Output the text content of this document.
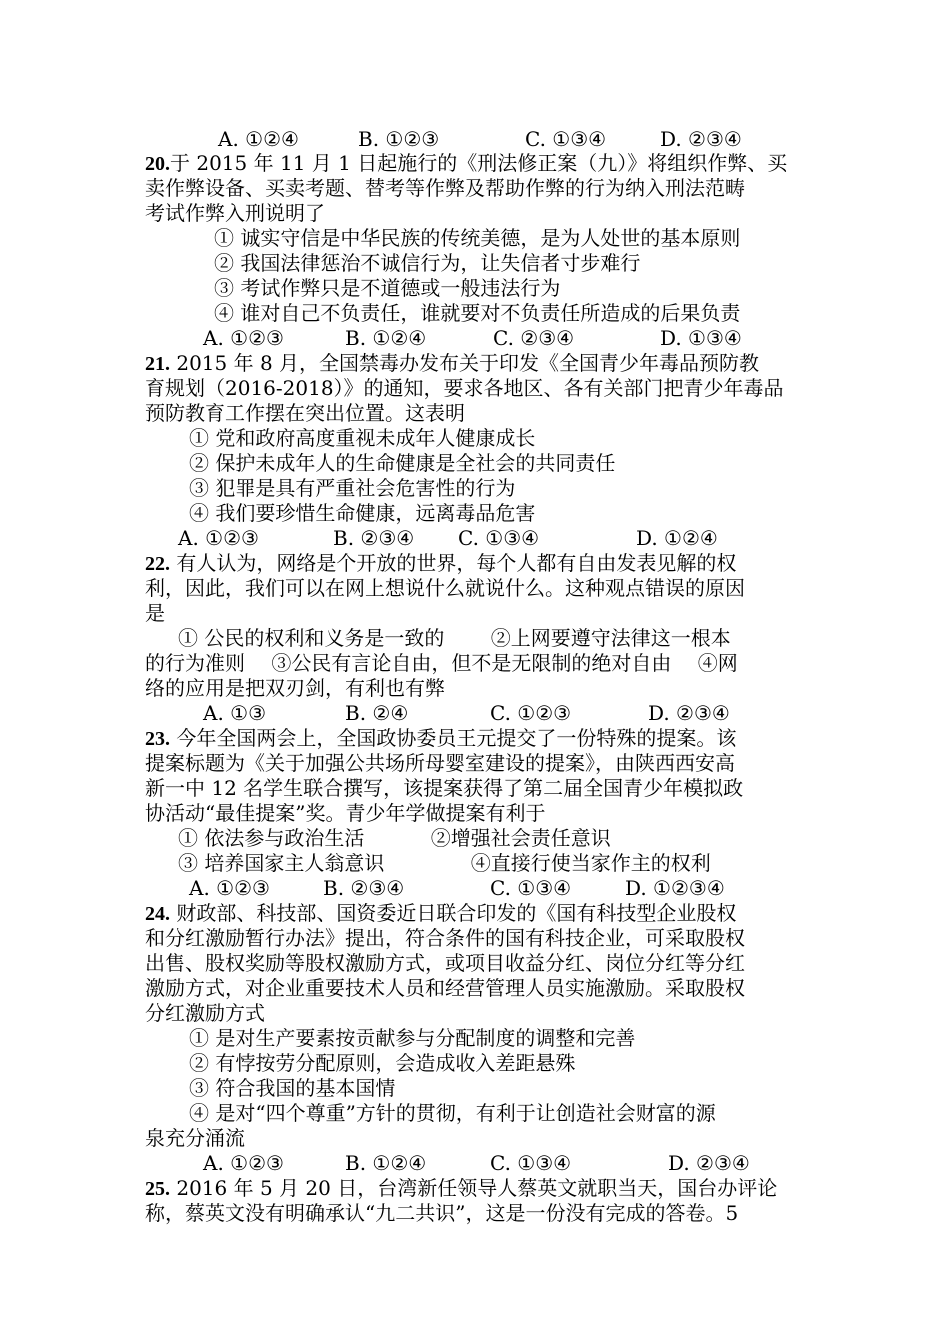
A. ①②④	B. ①②③	C. ①③④	D. ②③④
20.于 2015 年 11 月 1 日起施行的《刑法修正案（九）》将组织作弊、买
卖作弊设备、买卖考题、替考等作弊及帮助作弊的行为纳入刑法范畴
考试作弊入刑说明了
① 诚实守信是中华民族的传统美德，是为人处世的基本原则
② 我国法律惩治不诚信行为，让失信者寸步难行
③ 考试作弊只是不道德或一般违法行为
④ 谁对自己不负责任，谁就要对不负责任所造成的后果负责
A. ①②③	B. ①②④	C. ②③④	D. ①③④
21. 2015 年 8 月，全国禁毒办发布关于印发《全国青少年毒品预防教
育规划（2016-2018）》的通知，要求各地区、各有关部门把青少年毒品
预防教育工作摆在突出位置。这表明
① 党和政府高度重视未成年人健康成长
② 保护未成年人的生命健康是全社会的共同责任
③ 犯罪是具有严重社会危害性的行为
④ 我们要珍惜生命健康，远离毒品危害
A. ①②③	B. ②③④ C. ①③④	D. ①②④
22. 有人认为，网络是个开放的世界，每个人都有自由发表见解的权
利，因此，我们可以在网上想说什么就说什么。这种观点错误的原因
是
① 公民的权利和义务是一致的　　 ②上网要遵守法律这一根本
的行为准则　 ③公民有言论自由，但不是无限制的绝对自由　 ④网
络的应用是把双刃剑，有利也有弊
A. ①③	B. ②④	C. ①②③	D. ②③④
23. 今年全国两会上，全国政协委员王元提交了一份特殊的提案。该
提案标题为《关于加强公共场所母婴室建设的提案》，由陕西西安高
新一中 12 名学生联合撰写，该提案获得了第二届全国青少年模拟政
协活动“最佳提案”奖。青少年学做提案有利于
① 依法参与政治生活　　　 ②增强社会责任意识
③ 培养国家主人翁意识　　　　 ④直接行使当家作主的权利
A. ①②③	B. ②③④	C. ①③④	D. ①②③④
24. 财政部、科技部、国资委近日联合印发的《国有科技型企业股权
和分红激励暂行办法》提出，符合条件的国有科技企业，可采取股权
出售、股权奖励等股权激励方式，或项目收益分红、岗位分红等分红
激励方式，对企业重要技术人员和经营管理人员实施激励。采取股权
分红激励方式
① 是对生产要素按贡献参与分配制度的调整和完善
② 有悖按劳分配原则，会造成收入差距悬殊
③ 符合我国的基本国情
④ 是对“四个尊重”方针的贯彻，有利于让创造社会财富的源
泉充分涌流
A. ①②③	B. ①②④	C. ①③④	D. ②③④
25. 2016 年 5 月 20 日，台湾新任领导人蔡英文就职当天，国台办评论
称，蔡英文没有明确承认“九二共识”，这是一份没有完成的答卷。5
